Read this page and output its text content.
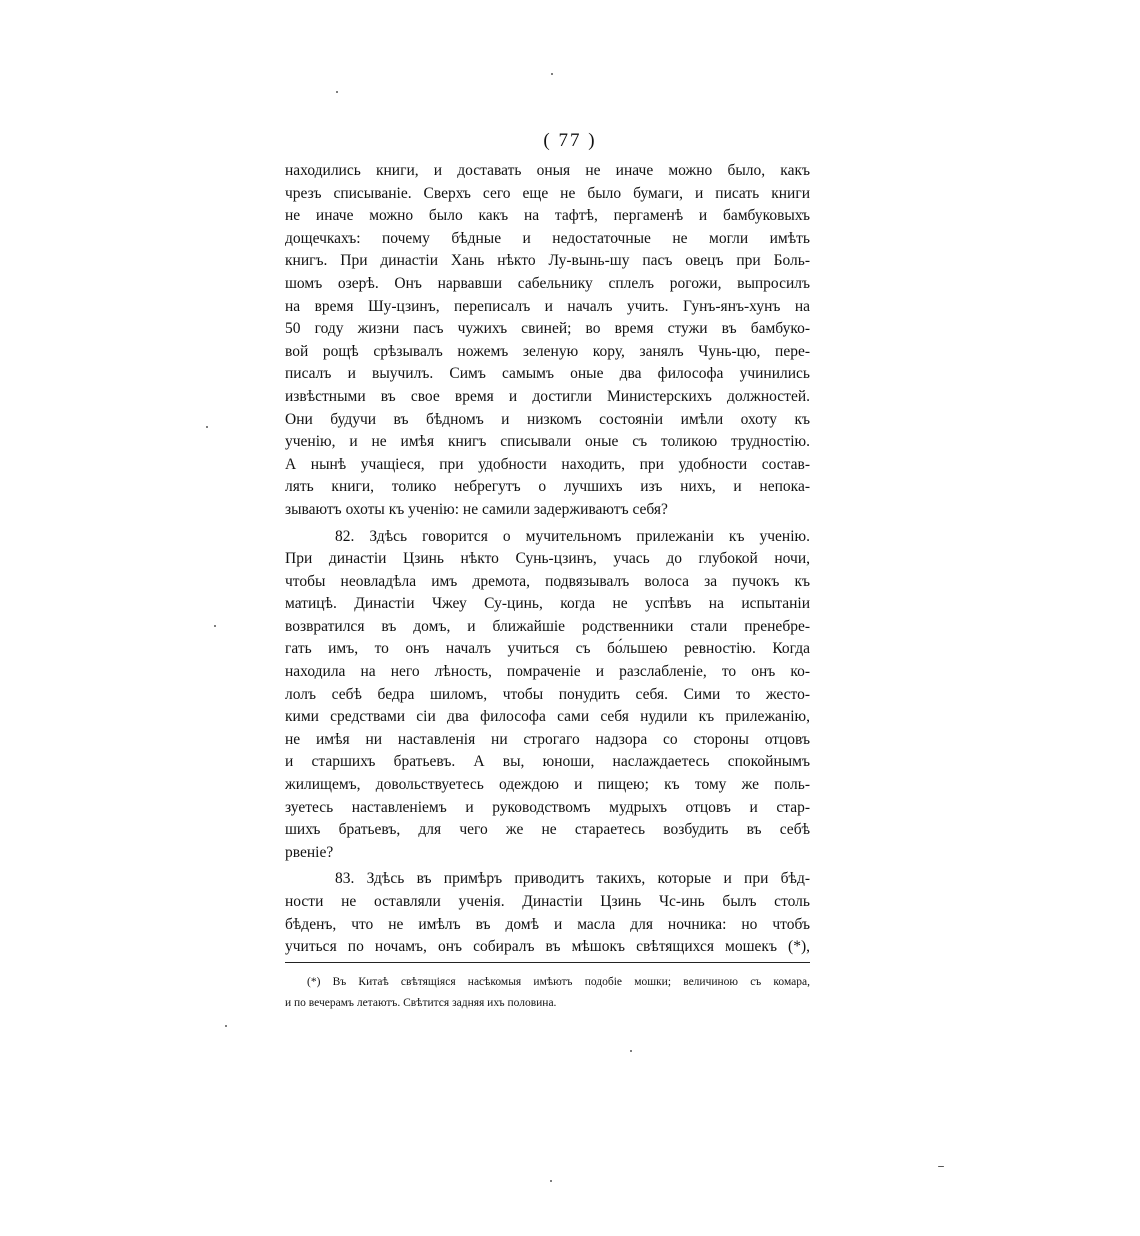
( 77 )
находились книги, и доставать оныя не иначе можно было, какъ
чрезъ списываніе. Сверхъ сего еще не было бумаги, и писать книги
не иначе можно было какъ на тафтѣ, пергаменѣ и бамбуковыхъ
дощечкахъ: почему бѣдные и недостаточные не могли имѣть
книгъ. При династіи Хань нѣкто Лу-вынь-шу пасъ овецъ при Боль-
шомъ озерѣ. Онъ нарвавши сабельнику сплелъ рогожи, выпросилъ
на время Шу-цзинъ, переписалъ и началъ учить. Гунъ-янъ-хунъ на
50 году жизни пасъ чужихъ свиней; во время стужи въ бамбуко-
вой рощѣ срѣзывалъ ножемъ зеленую кору, занялъ Чунь-цю, пере-
писалъ и выучилъ. Симъ самымъ оные два философа учинились
извѣстными въ свое время и достигли Министерскихъ должностей.
Они будучи въ бѣдномъ и низкомъ состояніи имѣли охоту къ
ученію, и не имѣя книгъ списывали оные съ толикою трудностію.
А нынѣ учащіеся, при удобности находить, при удобности состав-
лять книги, толико небрегутъ о лучшихъ изъ нихъ, и непока-
зываютъ охоты къ ученію: не самили задерживаютъ себя?
82. Здѣсь говорится о мучительномъ прилежаніи къ ученію.
При династіи Цзинь нѣкто Сунь-цзинъ, учась до глубокой ночи,
чтобы неовладѣла имъ дремота, подвязывалъ волоса за пучокъ къ
матицѣ. Династіи Чжеу Су-цинь, когда не успѣвъ на испытаніи
возвратился въ домъ, и ближайшіе родственники стали пренебре-
гать имъ, то онъ началъ учиться съ бо́льшею ревностію. Когда
находила на него лѣность, помраченіе и разслабленіе, то онъ ко-
лолъ себѣ бедра шиломъ, чтобы понудить себя. Сими то жесто-
кими средствами сіи два философа сами себя нудили къ прилежанію,
не имѣя ни наставленія ни строгаго надзора со стороны отцовъ
и старшихъ братьевъ. А вы, юноши, наслаждаетесь спокойнымъ
жилищемъ, довольствуетесь одеждою и пищею; къ тому же поль-
зуетесь наставленіемъ и руководствомъ мудрыхъ отцовъ и стар-
шихъ братьевъ, для чего же не стараетесь возбудить въ себѣ
рвеніе?
83. Здѣсь въ примѣръ приводитъ такихъ, которые и при бѣд-
ности не оставляли ученія. Династіи Цзинь Чс-инь былъ столь
бѣденъ, что не имѣлъ въ домѣ и масла для ночника: но чтобъ
учиться по ночамъ, онъ собиралъ въ мѣшокъ свѣтящихся мошекъ (*),
(*) Въ Китаѣ свѣтящіяся насѣкомыя имѣютъ подобіе мошки; величиною съ комара,
и по вечерамъ летаютъ. Свѣтится задняя ихъ половина.
